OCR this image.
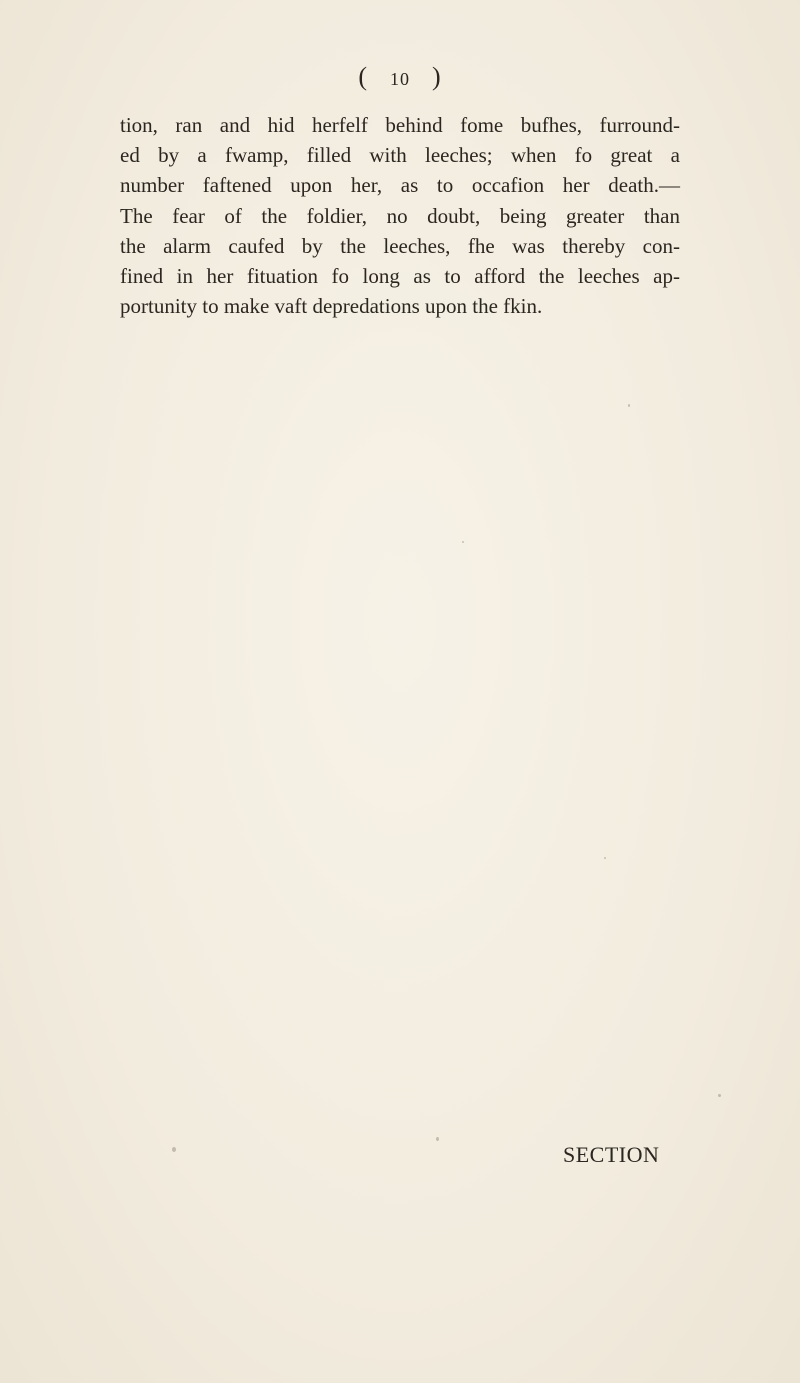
( 10 )
tion, ran and hid herfelf behind fome bufhes, furround-
ed by a fwamp, filled with leeches; when fo great a
number faftened upon her, as to occafion her death.—
The fear of the foldier, no doubt, being greater than
the alarm caufed by the leeches, fhe was thereby con-
fined in her fituation fo long as to afford the leeches ap-
portunity to make vaft depredations upon the fkin.
SECTION
